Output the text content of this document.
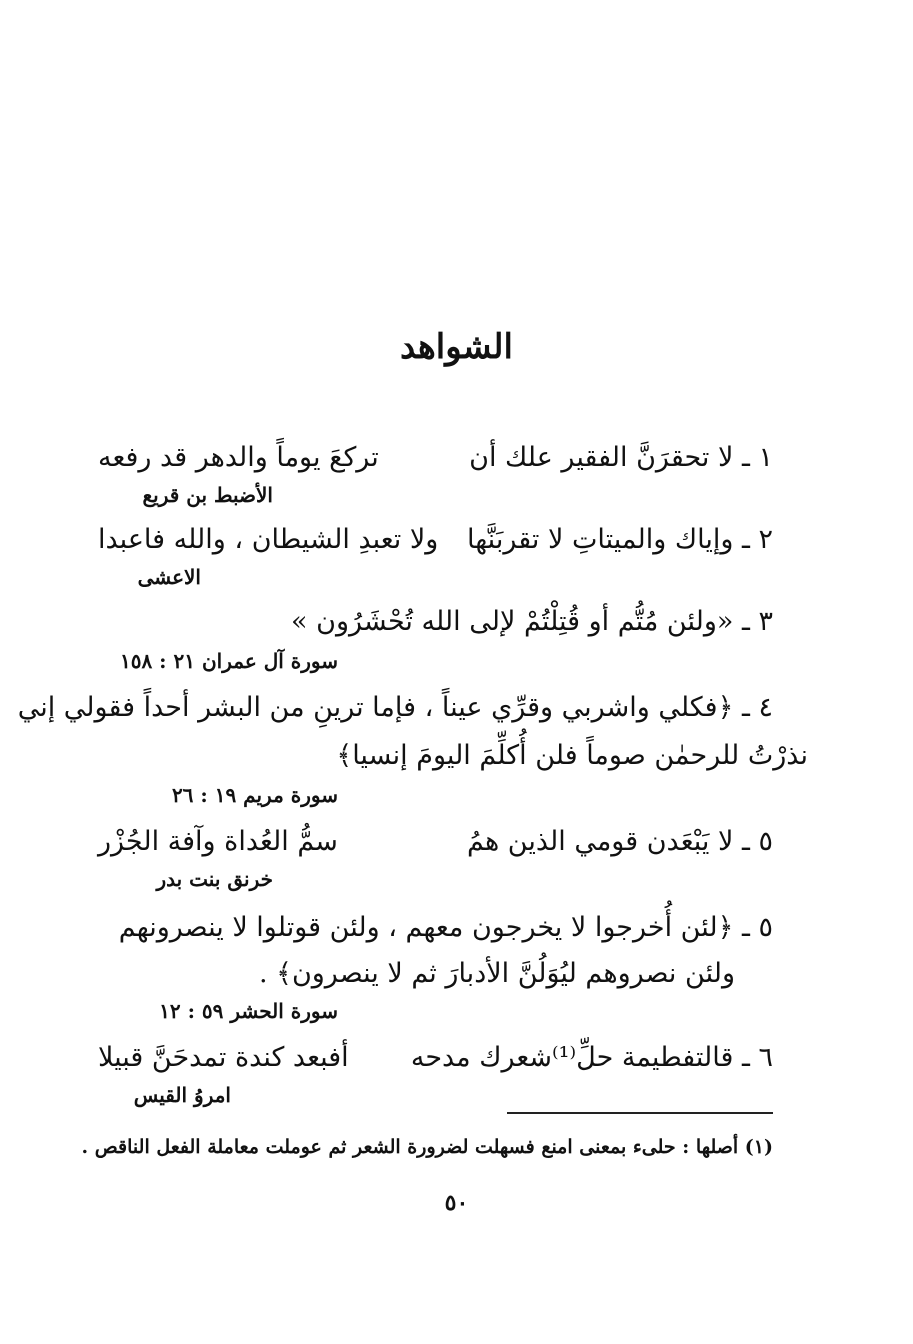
الشواهد
١ ـ لا تحقرَنَّ الفقير علك أن
تركعَ يوماً والدهر قد رفعه
الأضبط بن قريع
٢ ـ وإياك والميتاتِ لا تقربَنَّها
ولا تعبدِ الشيطان ، والله فاعبدا
الاعشى
٣ ـ «ولئن مُتُّم أو قُتِلْتُمْ لإلى الله تُحْشَرُون »
سورة آل عمران ٢١ : ١٥٨
٤ ـ ﴿فكلي واشربي وقرِّي عيناً ، فإما ترينِ من البشر أحداً فقولي إني
نذرْتُ للرحمٰن صوماً فلن أُكلِّمَ اليومَ إنسيا﴾
سورة مريم ١٩ : ٢٦
٥ ـ لا يَبْعَدن قومي الذين همُ
سمُّ العُداة وآفة الجُزْر
خرنق بنت بدر
٥ ـ ﴿لئن أُخرجوا لا يخرجون معهم ، ولئن قوتلوا لا ينصرونهم
ولئن نصروهم ليُوَلُنَّ الأدبارَ ثم لا ينصرون﴾ .
سورة الحشر ٥٩ : ١٢
٦ ـ قالتفطيمة حلِّ⁽¹⁾شعرك مدحه
أفبعد كندة تمدحَنَّ قبيلا
امروُ القيس
(١) أصلها : حلىء بمعنى امنع فسهلت لضرورة الشعر ثم عوملت معاملة الفعل الناقص .
٥٠
